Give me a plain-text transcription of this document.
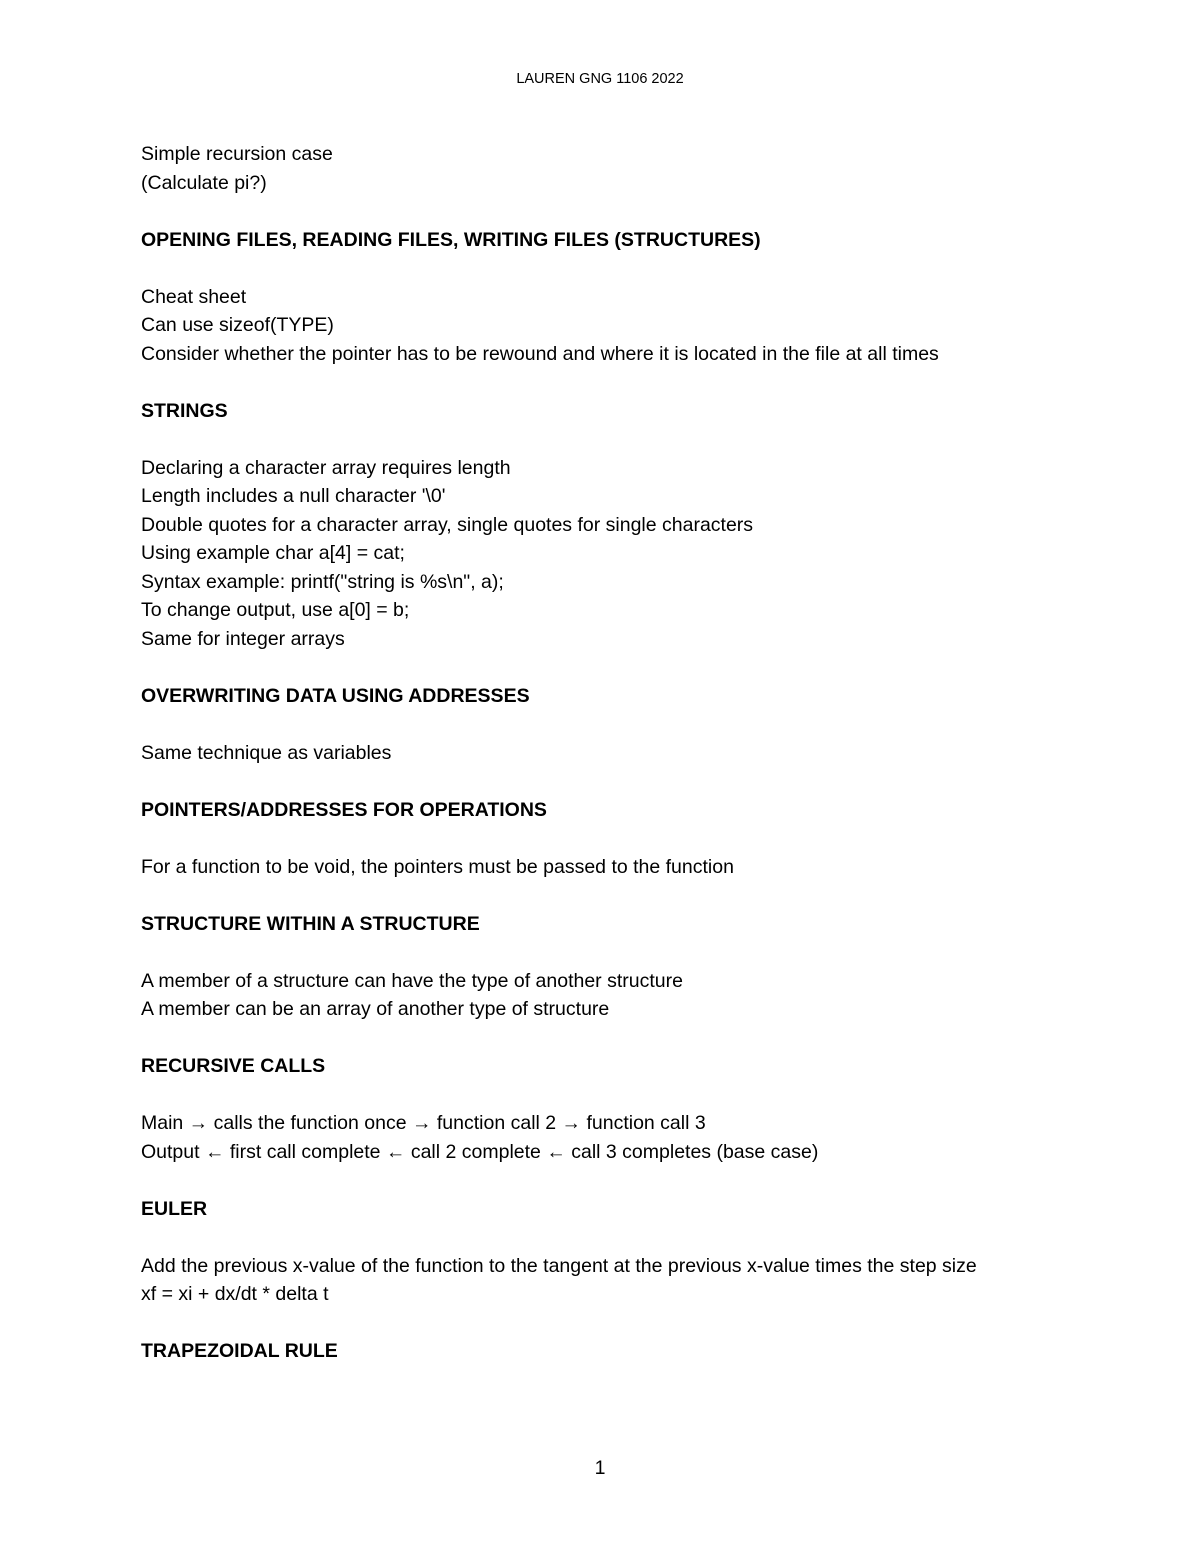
LAUREN GNG 1106 2022
Simple recursion case
(Calculate pi?)
OPENING FILES, READING FILES, WRITING FILES (STRUCTURES)
Cheat sheet
Can use sizeof(TYPE)
Consider whether the pointer has to be rewound and where it is located in the file at all times
STRINGS
Declaring a character array requires length
Length includes a null character '\0'
Double quotes for a character array, single quotes for single characters
Using example char a[4] = cat;
Syntax example: printf("string is %s\n", a);
To change output, use a[0] = b;
Same for integer arrays
OVERWRITING DATA USING ADDRESSES
Same technique as variables
POINTERS/ADDRESSES FOR OPERATIONS
For a function to be void, the pointers must be passed to the function
STRUCTURE WITHIN A STRUCTURE
A member of a structure can have the type of another structure
A member can be an array of another type of structure
RECURSIVE CALLS
Main → calls the function once → function call 2 → function call 3
Output ← first call complete ← call 2 complete ← call 3 completes (base case)
EULER
Add the previous x-value of the function to the tangent at the previous x-value times the step size
xf = xi + dx/dt * delta t
TRAPEZOIDAL RULE
1
